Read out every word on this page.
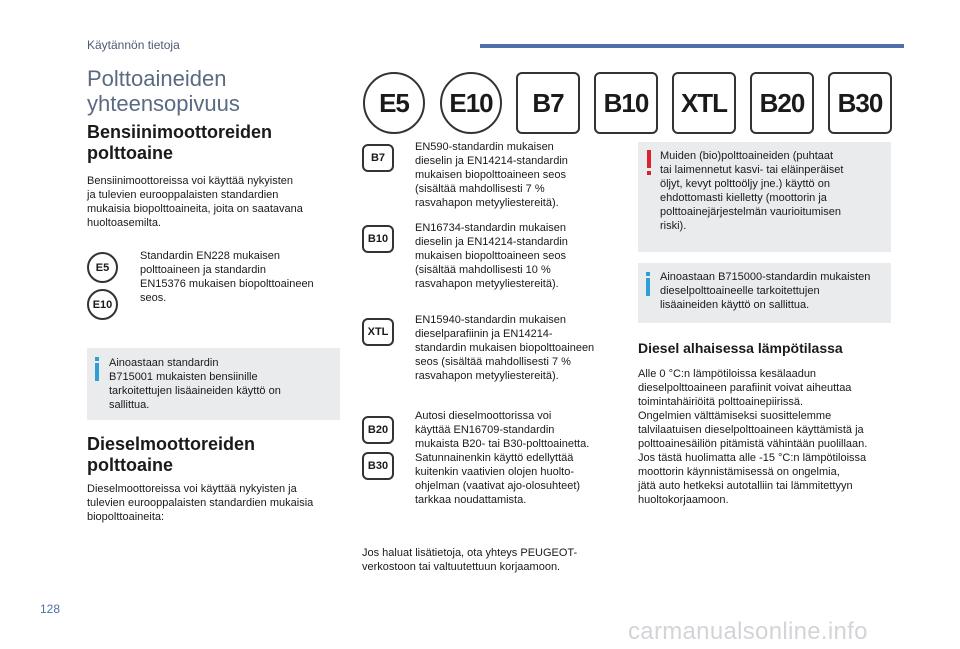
Käytännön tietoja
Polttoaineiden
yhteensopivuus	E5	E10	B7	B10	XTL	B20	B30
Bensiinimoottoreiden
polttoaine
Bensiinimoottoreissa voi käyttää nykyisten
ja tulevien eurooppalaisten standardien
mukaisia biopolttoaineita, joita on saatavana
huoltoasemilta.
E5
E10
Standardin EN228 mukaisen
polttoaineen ja standardin
EN15376 mukaisen biopolttoaineen
seos.
Ainoastaan standardin
B715001 mukaisten bensiinille
tarkoitettujen lisäaineiden käyttö on
sallittua.
Dieselmoottoreiden
polttoaine
Dieselmoottoreissa voi käyttää nykyisten ja
tulevien eurooppalaisten standardien mukaisia
biopolttoaineita:
B7
EN590-standardin mukaisen
dieselin ja EN14214-standardin
mukaisen biopolttoaineen seos
(sisältää mahdollisesti 7 %
rasvahapon metyyliestereitä).
B10
EN16734-standardin mukaisen
dieselin ja EN14214-standardin
mukaisen biopolttoaineen seos
(sisältää mahdollisesti 10 %
rasvahapon metyyliestereitä).
XTL
EN15940-standardin mukaisen
dieselparafiinin ja EN14214-
standardin mukaisen biopolttoaineen
seos (sisältää mahdollisesti 7 %
rasvahapon metyyliestereitä).
B20
B30
Autosi dieselmoottorissa voi
käyttää EN16709-standardin
mukaista B20- tai B30-polttoainetta.
Satunnainenkin käyttö edellyttää
kuitenkin vaativien olojen huolto-
ohjelman (vaativat ajo-olosuhteet)
tarkkaa noudattamista.
Jos haluat lisätietoja, ota yhteys PEUGEOT-
verkostoon tai valtuutettuun korjaamoon.
Muiden (bio)polttoaineiden (puhtaat
tai laimennetut kasvi- tai eläinperäiset
öljyt, kevyt polttoöljy jne.) käyttö on
ehdottomasti kielletty (moottorin ja
polttoainejärjestelmän vaurioitumisen
riski).
Ainoastaan B715000-standardin mukaisten
dieselpolttoaineelle tarkoitettujen
lisäaineiden käyttö on sallittua.
Diesel alhaisessa lämpötilassa
Alle 0 °C:n lämpötiloissa kesälaadun
dieselpolttoaineen parafiinit voivat aiheuttaa
toimintahäiriöitä polttoainepiirissä.
Ongelmien välttämiseksi suosittelemme
talvilaatuisen dieselpolttoaineen käyttämistä ja
polttoainesäiliön pitämistä vähintään puolillaan.
Jos tästä huolimatta alle -15 °C:n lämpötiloissa
moottorin käynnistämisessä on ongelmia,
jätä auto hetkeksi autotalliin tai lämmitettyyn
huoltokorjaamoon.
128
carmanualsonline.info
